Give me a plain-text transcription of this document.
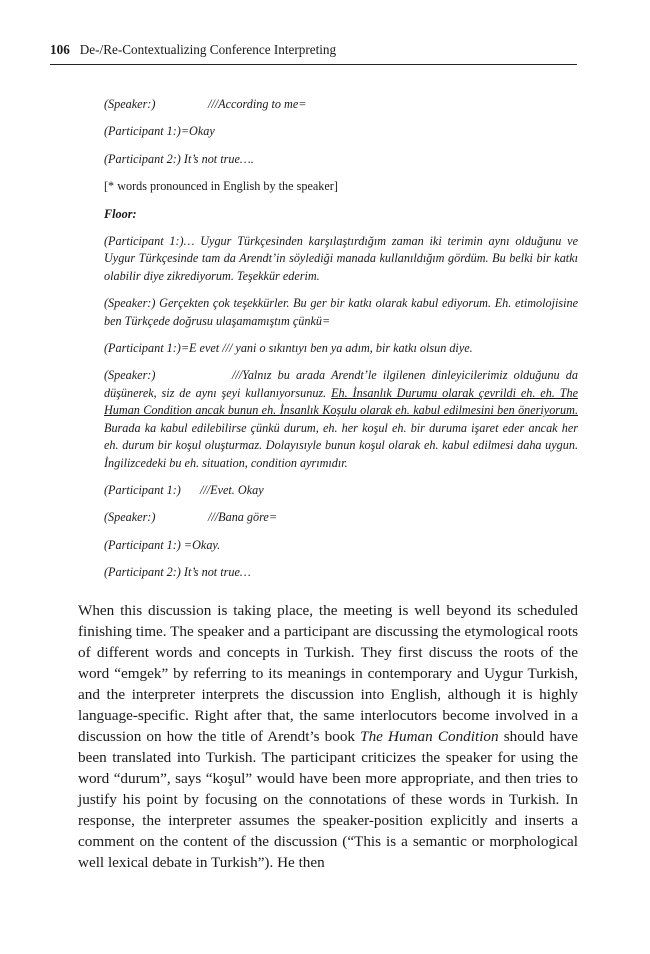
106 De-/Re-Contextualizing Conference Interpreting

(Speaker:)	///According to me=

(Participant 1:)=Okay

(Participant 2:) It’s not true….

[* words pronounced in English by the speaker]

Floor:

(Participant 1:)… Uygur Türkçesinden karşılaştırdığım zaman iki terimin aynı olduğunu ve Uygur Türkçesinde tam da Arendt’in söylediği manada kullanıldığım gördüm. Bu belki bir katkı olabilir diye zikrediyorum. Teşekkür ederim.

(Speaker:) Gerçekten çok teşekkürler. Bu ger bir katkı olarak kabul ediyorum. Eh. etimolojisine ben Türkçede doğrusu ulaşamamıştım çünkü=

(Participant 1:)=E evet /// yani o sıkıntıyı ben ya adım, bir katkı olsun diye.

(Speaker:)	///Yalnız bu arada Arendt’le ilgilenen dinleyicilerimiz olduğunu da düşünerek, siz de aynı şeyi kullanıyorsunuz. Eh. İnsanlık Durumu olarak çevrildi eh. eh. The Human Condition ancak bunun eh. İnsanlık Koşulu olarak eh. kabul edilmesini ben öneriyorum. Burada ka kabul edilebilirse çünkü durum, eh. her koşul eh. bir duruma işaret eder ancak her eh. durum bir koşul oluşturmaz. Dolayısıyle bunun koşul olarak eh. kabul edilmesi daha uygun. İngilizcedeki bu eh. situation, condition ayrımıdır.

(Participant 1:) ///Evet. Okay

(Speaker:)	///Bana göre=

(Participant 1:) =Okay.

(Participant 2:) It’s not true…

When this discussion is taking place, the meeting is well beyond its scheduled finishing time. The speaker and a participant are discussing the etymological roots of different words and concepts in Turkish. They first discuss the roots of the word “emgek” by referring to its meanings in contemporary and Uygur Turkish, and the interpreter interprets the discussion into English, although it is highly language-specific. Right after that, the same interlocutors become involved in a discussion on how the title of Arendt’s book The Human Condition should have been translated into Turkish. The participant criticizes the speaker for using the word “durum”, says “koşul” would have been more appropriate, and then tries to justify his point by focusing on the connotations of these words in Turkish. In response, the interpreter assumes the speaker-position explicitly and inserts a comment on the content of the discussion (“This is a semantic or morphological well lexical debate in Turkish”). He then
